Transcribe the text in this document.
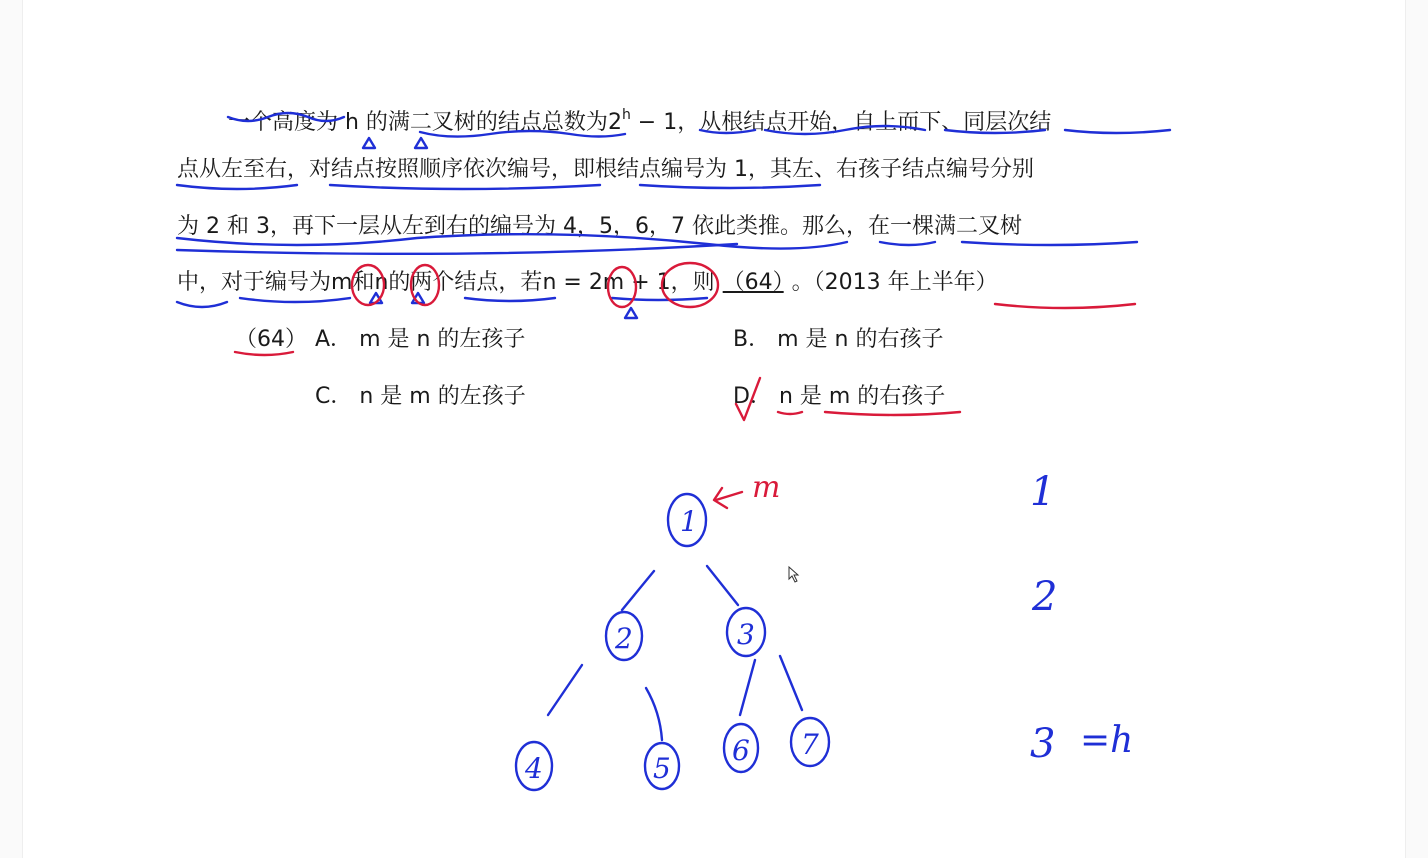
一个高度为 h 的满二叉树的结点总数为$2^h - 1$，从根结点开始，自上而下、同层次结
点从左至右，对结点按照顺序依次编号，即根结点编号为 1，其左、右孩子结点编号分别
为 2 和 3，再下一层从左到右的编号为 4，5，6，7 依此类推。那么，在一棵满二叉树
中，对于编号为m和n的两个结点，若n = 2m + 1，则 （64） 。（2013 年上半年）
（64） A． m 是 n 的左孩子	B． m 是 n 的右孩子
C． n 是 m 的左孩子	D． n 是 m 的右孩子
1
m
2	3
4	5
6 7
1
2
3 =h
